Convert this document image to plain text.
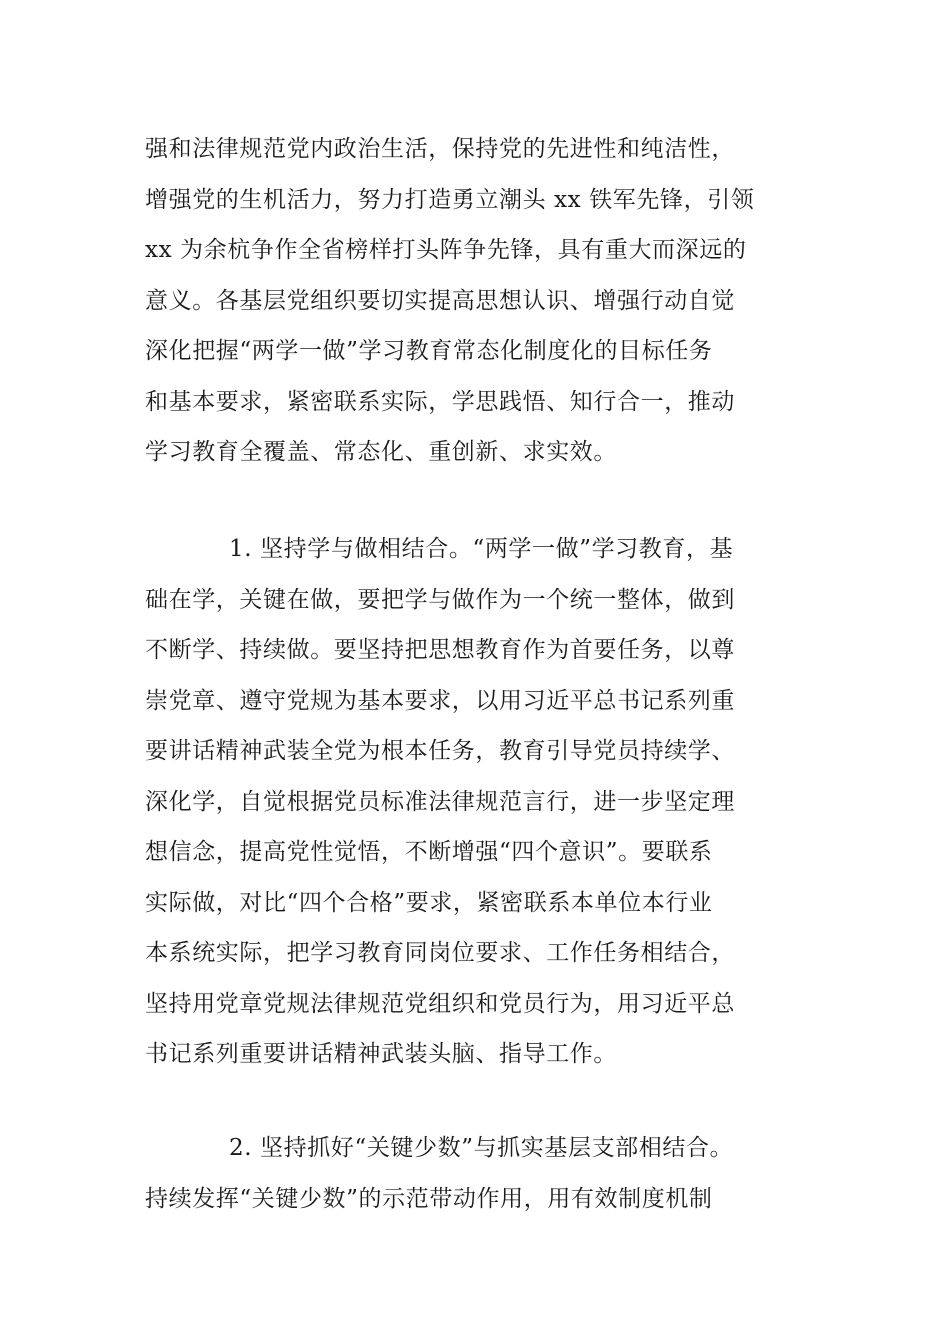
强和法律规范党内政治生活，保持党的先进性和纯洁性，
增强党的生机活力，努力打造勇立潮头 xx 铁军先锋，引领
xx 为余杭争作全省榜样打头阵争先锋，具有重大而深远的
意义。各基层党组织要切实提高思想认识、增强行动自觉
深化把握“两学一做”学习教育常态化制度化的目标任务
和基本要求，紧密联系实际，学思践悟、知行合一，推动
学习教育全覆盖、常态化、重创新、求实效。
1. 坚持学与做相结合。“两学一做”学习教育，基
础在学，关键在做，要把学与做作为一个统一整体，做到
不断学、持续做。要坚持把思想教育作为首要任务，以尊
崇党章、遵守党规为基本要求，以用习近平总书记系列重
要讲话精神武装全党为根本任务，教育引导党员持续学、
深化学，自觉根据党员标准法律规范言行，进一步坚定理
想信念，提高党性觉悟，不断增强“四个意识”。要联系
实际做，对比“四个合格”要求，紧密联系本单位本行业
本系统实际，把学习教育同岗位要求、工作任务相结合，
坚持用党章党规法律规范党组织和党员行为，用习近平总
书记系列重要讲话精神武装头脑、指导工作。
2. 坚持抓好“关键少数”与抓实基层支部相结合。
持续发挥“关键少数”的示范带动作用，用有效制度机制
